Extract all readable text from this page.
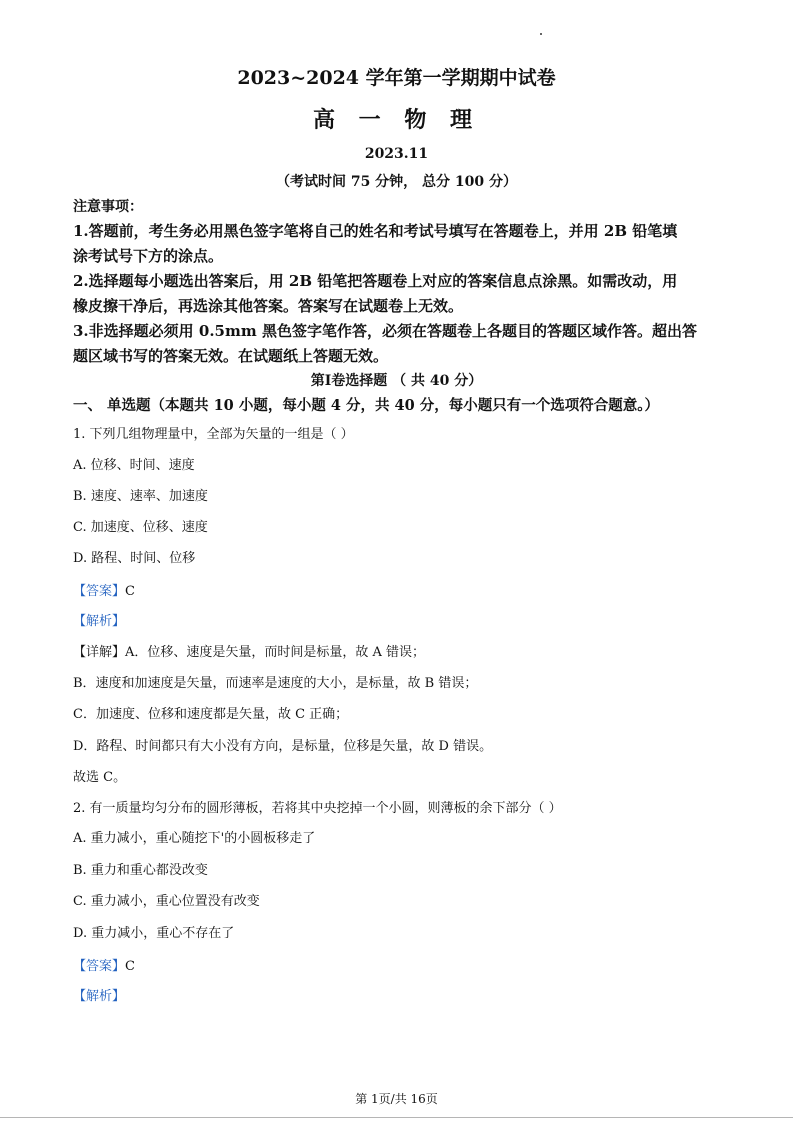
2023~2024 学年第一学期期中试卷
高 一 物 理
2023.11
（考试时间 75 分钟， 总分 100 分）
注意事项：
1.答题前，考生务必用黑色签字笔将自己的姓名和考试号填写在答题卷上，并用 2B 铅笔填
涂考试号下方的涂点。
2.选择题每小题选出答案后，用 2B 铅笔把答题卷上对应的答案信息点涂黑。如需改动，用
橡皮擦干净后，再选涂其他答案。答案写在试题卷上无效。
3.非选择题必须用 0.5mm 黑色签字笔作答，必须在答题卷上各题目的答题区域作答。超出答
题区域书写的答案无效。在试题纸上答题无效。
第Ⅰ卷选择题 （ 共 40 分）
一、 单选题（本题共 10 小题，每小题 4 分，共 40 分，每小题只有一个选项符合题意。）
1. 下列几组物理量中，全部为矢量的一组是（ ）
A. 位移、时间、速度
B. 速度、速率、加速度
C. 加速度、位移、速度
D. 路程、时间、位移
【答案】C
【解析】
【详解】A．位移、速度是矢量，而时间是标量，故 A 错误；
B．速度和加速度是矢量，而速率是速度的大小，是标量，故 B 错误；
C．加速度、位移和速度都是矢量，故 C 正确；
D．路程、时间都只有大小没有方向，是标量，位移是矢量，故 D 错误。
故选 C。
2. 有一质量均匀分布的圆形薄板，若将其中央挖掉一个小圆，则薄板的余下部分（ ）
A. 重力减小，重心随挖下'的小圆板移走了
B. 重力和重心都没改变
C. 重力减小，重心位置没有改变
D. 重力减小，重心不存在了
【答案】C
【解析】
第 1页/共 16页
